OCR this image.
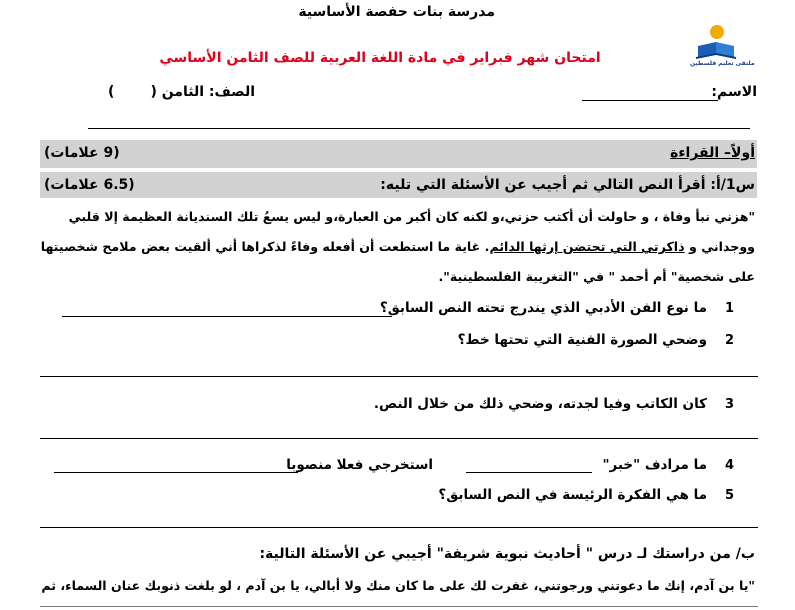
ملتقى تعليم فلسطين
مدرسة بنات حفصة الأساسية
امتحان شهر فبراير في مادة اللغة العربية للصف الثامن الأساسي
الاسم:
الصف: الثامن (
)
أولاً– القراءة
(9 علامات)
س1/أ: أقرأ النص التالي ثم أجيب عن الأسئلة التي تليه:
(6.5 علامات)
"هزني نبأ وفاة ، و حاولت أن أكتب حزني،و لكنه كان أكبر من العبارة،و ليس يسعُ تلك السنديانة العظيمة إلا قلبي
ووجداني و ذاكرتي التي تحتضن إرثها الدائم. غاية ما استطعت أن أفعله وفاءً لذكراها أني ألقيت بعض ملامح شخصيتها
على شخصية" أم أحمد " في "التغريبة الفلسطينية".
1
ما نوع الفن الأدبي الذي يندرج تحته النص السابق؟
2
وضحي الصورة الفنية التي تحتها خط؟
3
كان الكاتب وفيا لجدته، وضحي ذلك من خلال النص.
4
ما مرادف "خبر"
استخرجي فعلا منصوبا
5
ما هي الفكرة الرئيسة في النص السابق؟
ب/ من دراستك لـ درس " أحاديث نبوية شريفة" أجيبي عن الأسئلة التالية:
"يا بن آدم، إنك ما دعوتني ورجوتني، غفرت لك على ما كان منك ولا أبالي، يا بن آدم ، لو بلغت ذنوبك عنان السماء، ثم
